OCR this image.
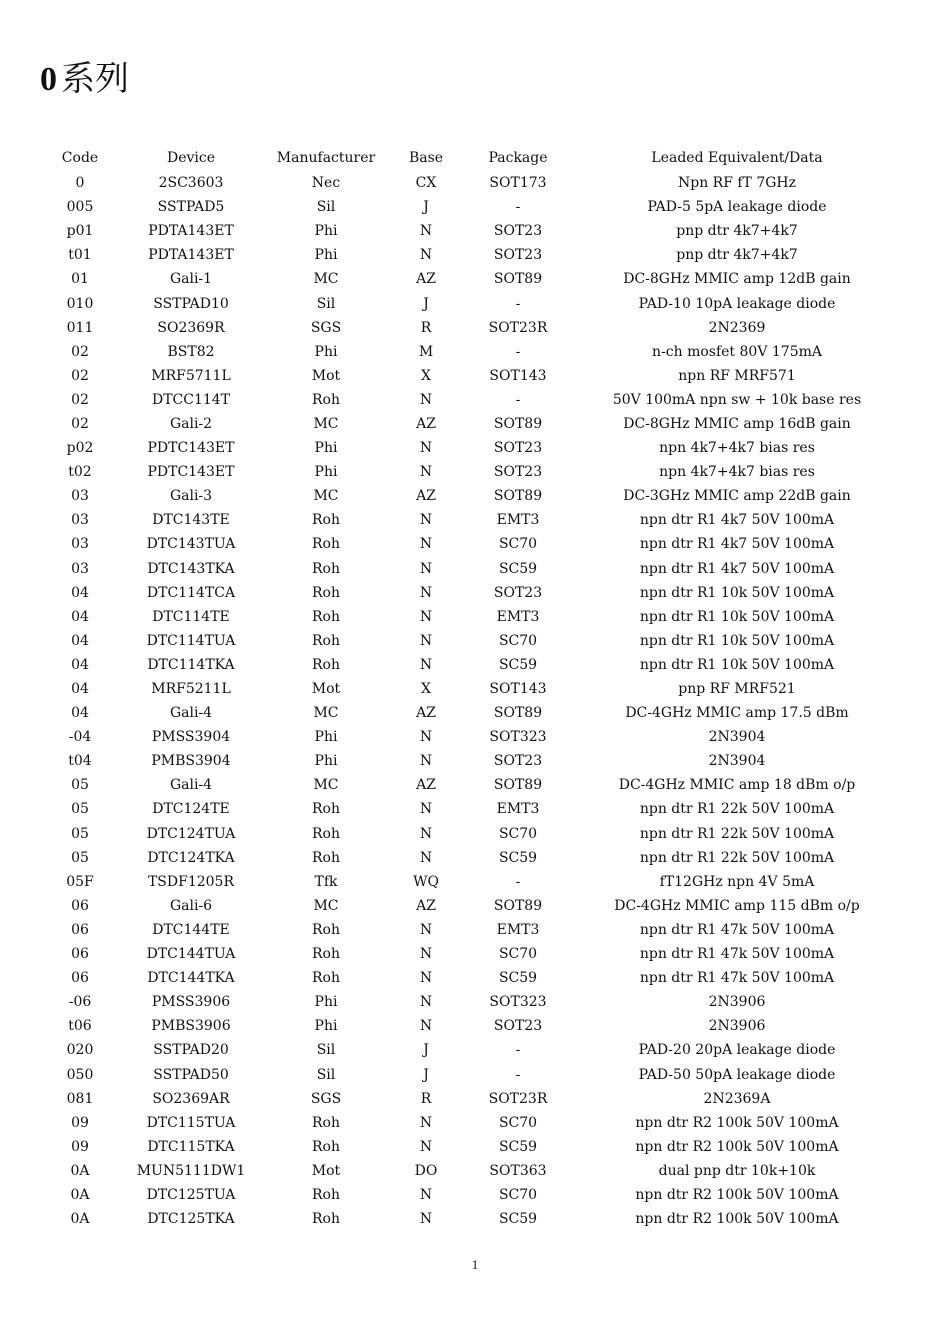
0 系列
Code	Device	Manufacturer	Base	Package	Leaded Equivalent/Data
0	2SC3603	Nec	CX	SOT173	Npn RF fT 7GHz
005	SSTPAD5	Sil	J	-	PAD-5 5pA leakage diode
p01	PDTA143ET	Phi	N	SOT23	pnp dtr 4k7+4k7
t01	PDTA143ET	Phi	N	SOT23	pnp dtr 4k7+4k7
01	Gali-1	MC	AZ	SOT89	DC-8GHz MMIC amp 12dB gain
010	SSTPAD10	Sil	J	-	PAD-10 10pA leakage diode
011	SO2369R	SGS	R	SOT23R	2N2369
02	BST82	Phi	M	-	n-ch mosfet 80V 175mA
02	MRF5711L	Mot	X	SOT143	npn RF MRF571
02	DTCC114T	Roh	N	-	50V 100mA npn sw + 10k base res
02	Gali-2	MC	AZ	SOT89	DC-8GHz MMIC amp 16dB gain
p02	PDTC143ET	Phi	N	SOT23	npn 4k7+4k7 bias res
t02	PDTC143ET	Phi	N	SOT23	npn 4k7+4k7 bias res
03	Gali-3	MC	AZ	SOT89	DC-3GHz MMIC amp 22dB gain
03	DTC143TE	Roh	N	EMT3	npn dtr R1 4k7 50V 100mA
03	DTC143TUA	Roh	N	SC70	npn dtr R1 4k7 50V 100mA
03	DTC143TKA	Roh	N	SC59	npn dtr R1 4k7 50V 100mA
04	DTC114TCA	Roh	N	SOT23	npn dtr R1 10k 50V 100mA
04	DTC114TE	Roh	N	EMT3	npn dtr R1 10k 50V 100mA
04	DTC114TUA	Roh	N	SC70	npn dtr R1 10k 50V 100mA
04	DTC114TKA	Roh	N	SC59	npn dtr R1 10k 50V 100mA
04	MRF5211L	Mot	X	SOT143	pnp RF MRF521
04	Gali-4	MC	AZ	SOT89	DC-4GHz MMIC amp 17.5 dBm
-04	PMSS3904	Phi	N	SOT323	2N3904
t04	PMBS3904	Phi	N	SOT23	2N3904
05	Gali-4	MC	AZ	SOT89	DC-4GHz MMIC amp 18 dBm o/p
05	DTC124TE	Roh	N	EMT3	npn dtr R1 22k 50V 100mA
05	DTC124TUA	Roh	N	SC70	npn dtr R1 22k 50V 100mA
05	DTC124TKA	Roh	N	SC59	npn dtr R1 22k 50V 100mA
05F	TSDF1205R	Tfk	WQ	-	fT12GHz npn 4V 5mA
06	Gali-6	MC	AZ	SOT89	DC-4GHz MMIC amp 115 dBm o/p
06	DTC144TE	Roh	N	EMT3	npn dtr R1 47k 50V 100mA
06	DTC144TUA	Roh	N	SC70	npn dtr R1 47k 50V 100mA
06	DTC144TKA	Roh	N	SC59	npn dtr R1 47k 50V 100mA
-06	PMSS3906	Phi	N	SOT323	2N3906
t06	PMBS3906	Phi	N	SOT23	2N3906
020	SSTPAD20	Sil	J	-	PAD-20 20pA leakage diode
050	SSTPAD50	Sil	J	-	PAD-50 50pA leakage diode
081	SO2369AR	SGS	R	SOT23R	2N2369A
09	DTC115TUA	Roh	N	SC70	npn dtr R2 100k 50V 100mA
09	DTC115TKA	Roh	N	SC59	npn dtr R2 100k 50V 100mA
0A	MUN5111DW1	Mot	DO	SOT363	dual pnp dtr 10k+10k
0A	DTC125TUA	Roh	N	SC70	npn dtr R2 100k 50V 100mA
0A	DTC125TKA	Roh	N	SC59	npn dtr R2 100k 50V 100mA
1
